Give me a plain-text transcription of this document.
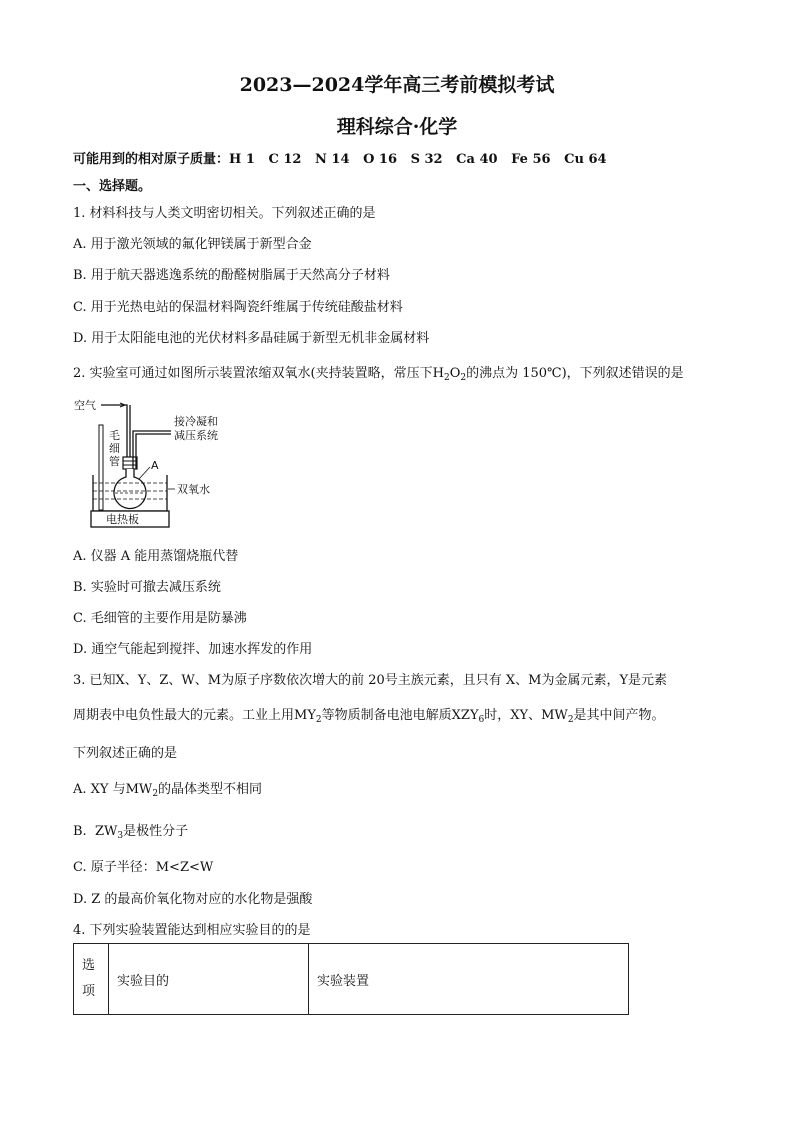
2023—2024学年高三考前模拟考试
理科综合·化学
可能用到的相对原子质量：H 1   C 12   N 14   O 16   S 32   Ca 40   Fe 56   Cu 64
一、选择题。
1. 材料科技与人类文明密切相关。下列叙述正确的是
A. 用于激光领域的氟化钾镁属于新型合金
B. 用于航天器逃逸系统的酚醛树脂属于天然高分子材料
C. 用于光热电站的保温材料陶瓷纤维属于传统硅酸盐材料
D. 用于太阳能电池的光伏材料多晶硅属于新型无机非金属材料
2. 实验室可通过如图所示装置浓缩双氧水(夹持装置略，常压下$H_2O_2$的沸点为 150℃)，下列叙述错误的是
空气
毛
细
管
接冷凝和
减压系统
A
双氧水
电热板
A. 仪器 A 能用蒸馏烧瓶代替
B. 实验时可撤去减压系统
C. 毛细管的主要作用是防暴沸
D. 通空气能起到搅拌、加速水挥发的作用
3. 已知X、Y、Z、W、M为原子序数依次增大的前 20号主族元素，且只有 X、M为金属元素，Y是元素
周期表中电负性最大的元素。工业上用$MY_2$等物质制备电池电解质$XZY_6$时，XY、$MW_2$是其中间产物。
下列叙述正确的是
A. XY 与$MW_2$的晶体类型不相同
B.  $ZW_3$是极性分子
C. 原子半径：M<Z<W
D. Z 的最高价氧化物对应的水化物是强酸
4. 下列实验装置能达到相应实验目的的是
选项	实验目的	实验装置
